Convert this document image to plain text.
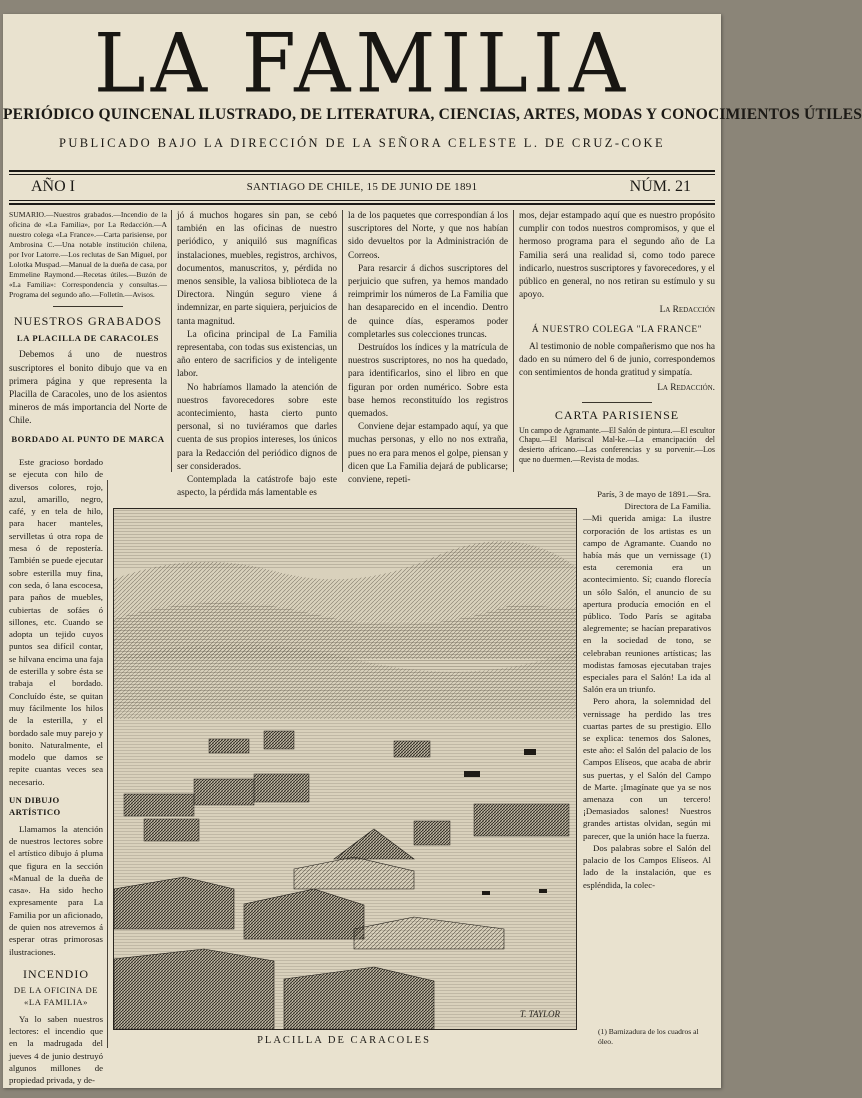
LA FAMILIA
PERIÓDICO QUINCENAL ILUSTRADO, DE LITERATURA, CIENCIAS, ARTES, MODAS Y CONOCIMIENTOS ÚTILES
PUBLICADO BAJO LA DIRECCIÓN DE LA SEÑORA CELESTE L. DE CRUZ-COKE
AÑO I	SANTIAGO DE CHILE, 15 DE JUNIO DE 1891	NÚM. 21

SUMARIO.—Nuestros grabados.—Incendio de la oficina de «La Familia», por La Redacción.—A nuestro colega «La France».—Carta parisiense, por Ambrosina C.—Una notable institución chilena, por Ivor Latorre.—Los reclutas de San Miguel, por Lolotka Muspad.—Manual de la dueña de casa, por Emmeline Raymond.—Recetas útiles.—Buzón de «La Familia»: Correspondencia y consultas.—Programa del segundo año.—Folletín.—Avisos.

NUESTROS GRABADOS
LA PLACILLA DE CARACOLES

Debemos á uno de nuestros suscriptores el bonito dibujo que va en primera página y que representa la Placilla de Caracoles, uno de los asientos mineros de más importancia del Norte de Chile.

BORDADO AL PUNTO DE MARCA

Este gracioso bordado se ejecuta con hilo de diversos colores, rojo, azul, amarillo, negro, café, y en tela de hilo, para hacer manteles, servilletas ú otra ropa de mesa ó de repostería. También se puede ejecutar sobre esterilla muy fina, con seda, ó lana escocesa, para paños de muebles, cubiertas de sofáes ó sillones, etc. Cuando se adopta un tejido cuyos puntos sea difícil contar, se hilvana encima una faja de esterilla y sobre ésta se trabaja el bordado. Concluído éste, se quitan muy fácilmente los hilos de la esterilla, y el bordado sale muy parejo y bonito. Naturalmente, el modelo que damos se repite cuantas veces sea necesario.

UN DIBUJO ARTÍSTICO

Llamamos la atención de nuestros lectores sobre el artístico dibujo á pluma que figura en la sección «Manual de la dueña de casa». Ha sido hecho expresamente para La Familia por un aficionado, de quien nos atrevemos á esperar otras primorosas ilustraciones.

INCENDIO
DE LA OFICINA DE «LA FAMILIA»

Ya lo saben nuestros lectores: el incendio que en la madrugada del jueves 4 de junio destruyó algunos millones de propiedad privada, y de-

jó á muchos hogares sin pan, se cebó también en las oficinas de nuestro periódico, y aniquiló sus magníficas instalaciones, muebles, registros, archivos, documentos, manuscritos, y, pérdida no menos sensible, la valiosa biblioteca de la Directora. Ningún seguro viene á indemnizar, en parte siquiera, perjuicios de tanta magnitud.

La oficina principal de La Familia representaba, con todas sus existencias, un año entero de sacrificios y de inteligente labor.

No habríamos llamado la atención de nuestros favorecedores sobre este acontecimiento, hasta cierto punto personal, si no tuviéramos que darles cuenta de sus propios intereses, los únicos para la Redacción del periódico dignos de ser considerados.

Contemplada la catástrofe bajo este aspecto, la pérdida más lamentable es

la de los paquetes que correspondían á los suscriptores del Norte, y que nos habían sido devueltos por la Administración de Correos.

Para resarcir á dichos suscriptores del perjuicio que sufren, ya hemos mandado reimprimir los números de La Familia que han desaparecido en el incendio. Dentro de quince días, esperamos poder completarles sus colecciones truncas.

Destruídos los índices y la matrícula de nuestros suscriptores, no nos ha quedado, para identificarlos, sino el libro en que figuran por orden numérico. Sobre esta base hemos reconstituído los registros quemados.

Conviene dejar estampado aquí, ya que muchas personas, y ello no nos extraña, pues no era para menos el golpe, piensan y dicen que La Familia dejará de publicarse; conviene, repeti-

mos, dejar estampado aquí que es nuestro propósito cumplir con todos nuestros compromisos, y que el hermoso programa para el segundo año de La Familia será una realidad si, como todo parece indicarlo, nuestros suscriptores y favorecedores, y el público en general, no nos retiran su estímulo y su apoyo.

La Redacción
Á NUESTRO COLEGA "LA FRANCE"

Al testimonio de noble compañerismo que nos ha dado en su número del 6 de junio, correspondemos con sentimientos de honda gratitud y simpatía.

La Redacción.
CARTA PARISIENSE

Un campo de Agramante.—El Salón de pintura.—El escultor Chapu.—El Mariscal Mal-ke.—La emancipación del desierto africano.—Las conferencias y su porvenir.—Los que no duermen.—Revista de modas.

París, 3 de mayo de 1891.—Sra. Directora de La Familia.

—Mi querida amiga: La ilustre corporación de los artistas es un campo de Agramante. Cuando no había más que un vernissage (1) esta ceremonia era un acontecimiento. Sí; cuando florecía un sólo Salón, el anuncio de su apertura producía emoción en el público. Todo París se agitaba alegremente; se hacían preparativos en la sociedad de tono, se celebraban reuniones artísticas; las modistas famosas ejecutaban trajes especiales para el Salón! La ida al Salón era un triunfo.

Pero ahora, la solemnidad del vernissage ha perdido las tres cuartas partes de su prestigio. Ello se explica: tenemos dos Salones, este año: el Salón del palacio de los Campos Elíseos, que acaba de abrir sus puertas, y el Salón del Campo de Marte. ¡Imagínate que ya se nos amenaza con un tercero! ¡Demasiados salones! Nuestros grandes artistas olvidan, según mi parecer, que la unión hace la fuerza.

Dos palabras sobre el Salón del palacio de los Campos Elíseos. Al lado de la instalación, que es espléndida, la colec-

(1) Barnizadura de los cuadros al óleo.
T. TAYLOR
PLACILLA DE CARACOLES
